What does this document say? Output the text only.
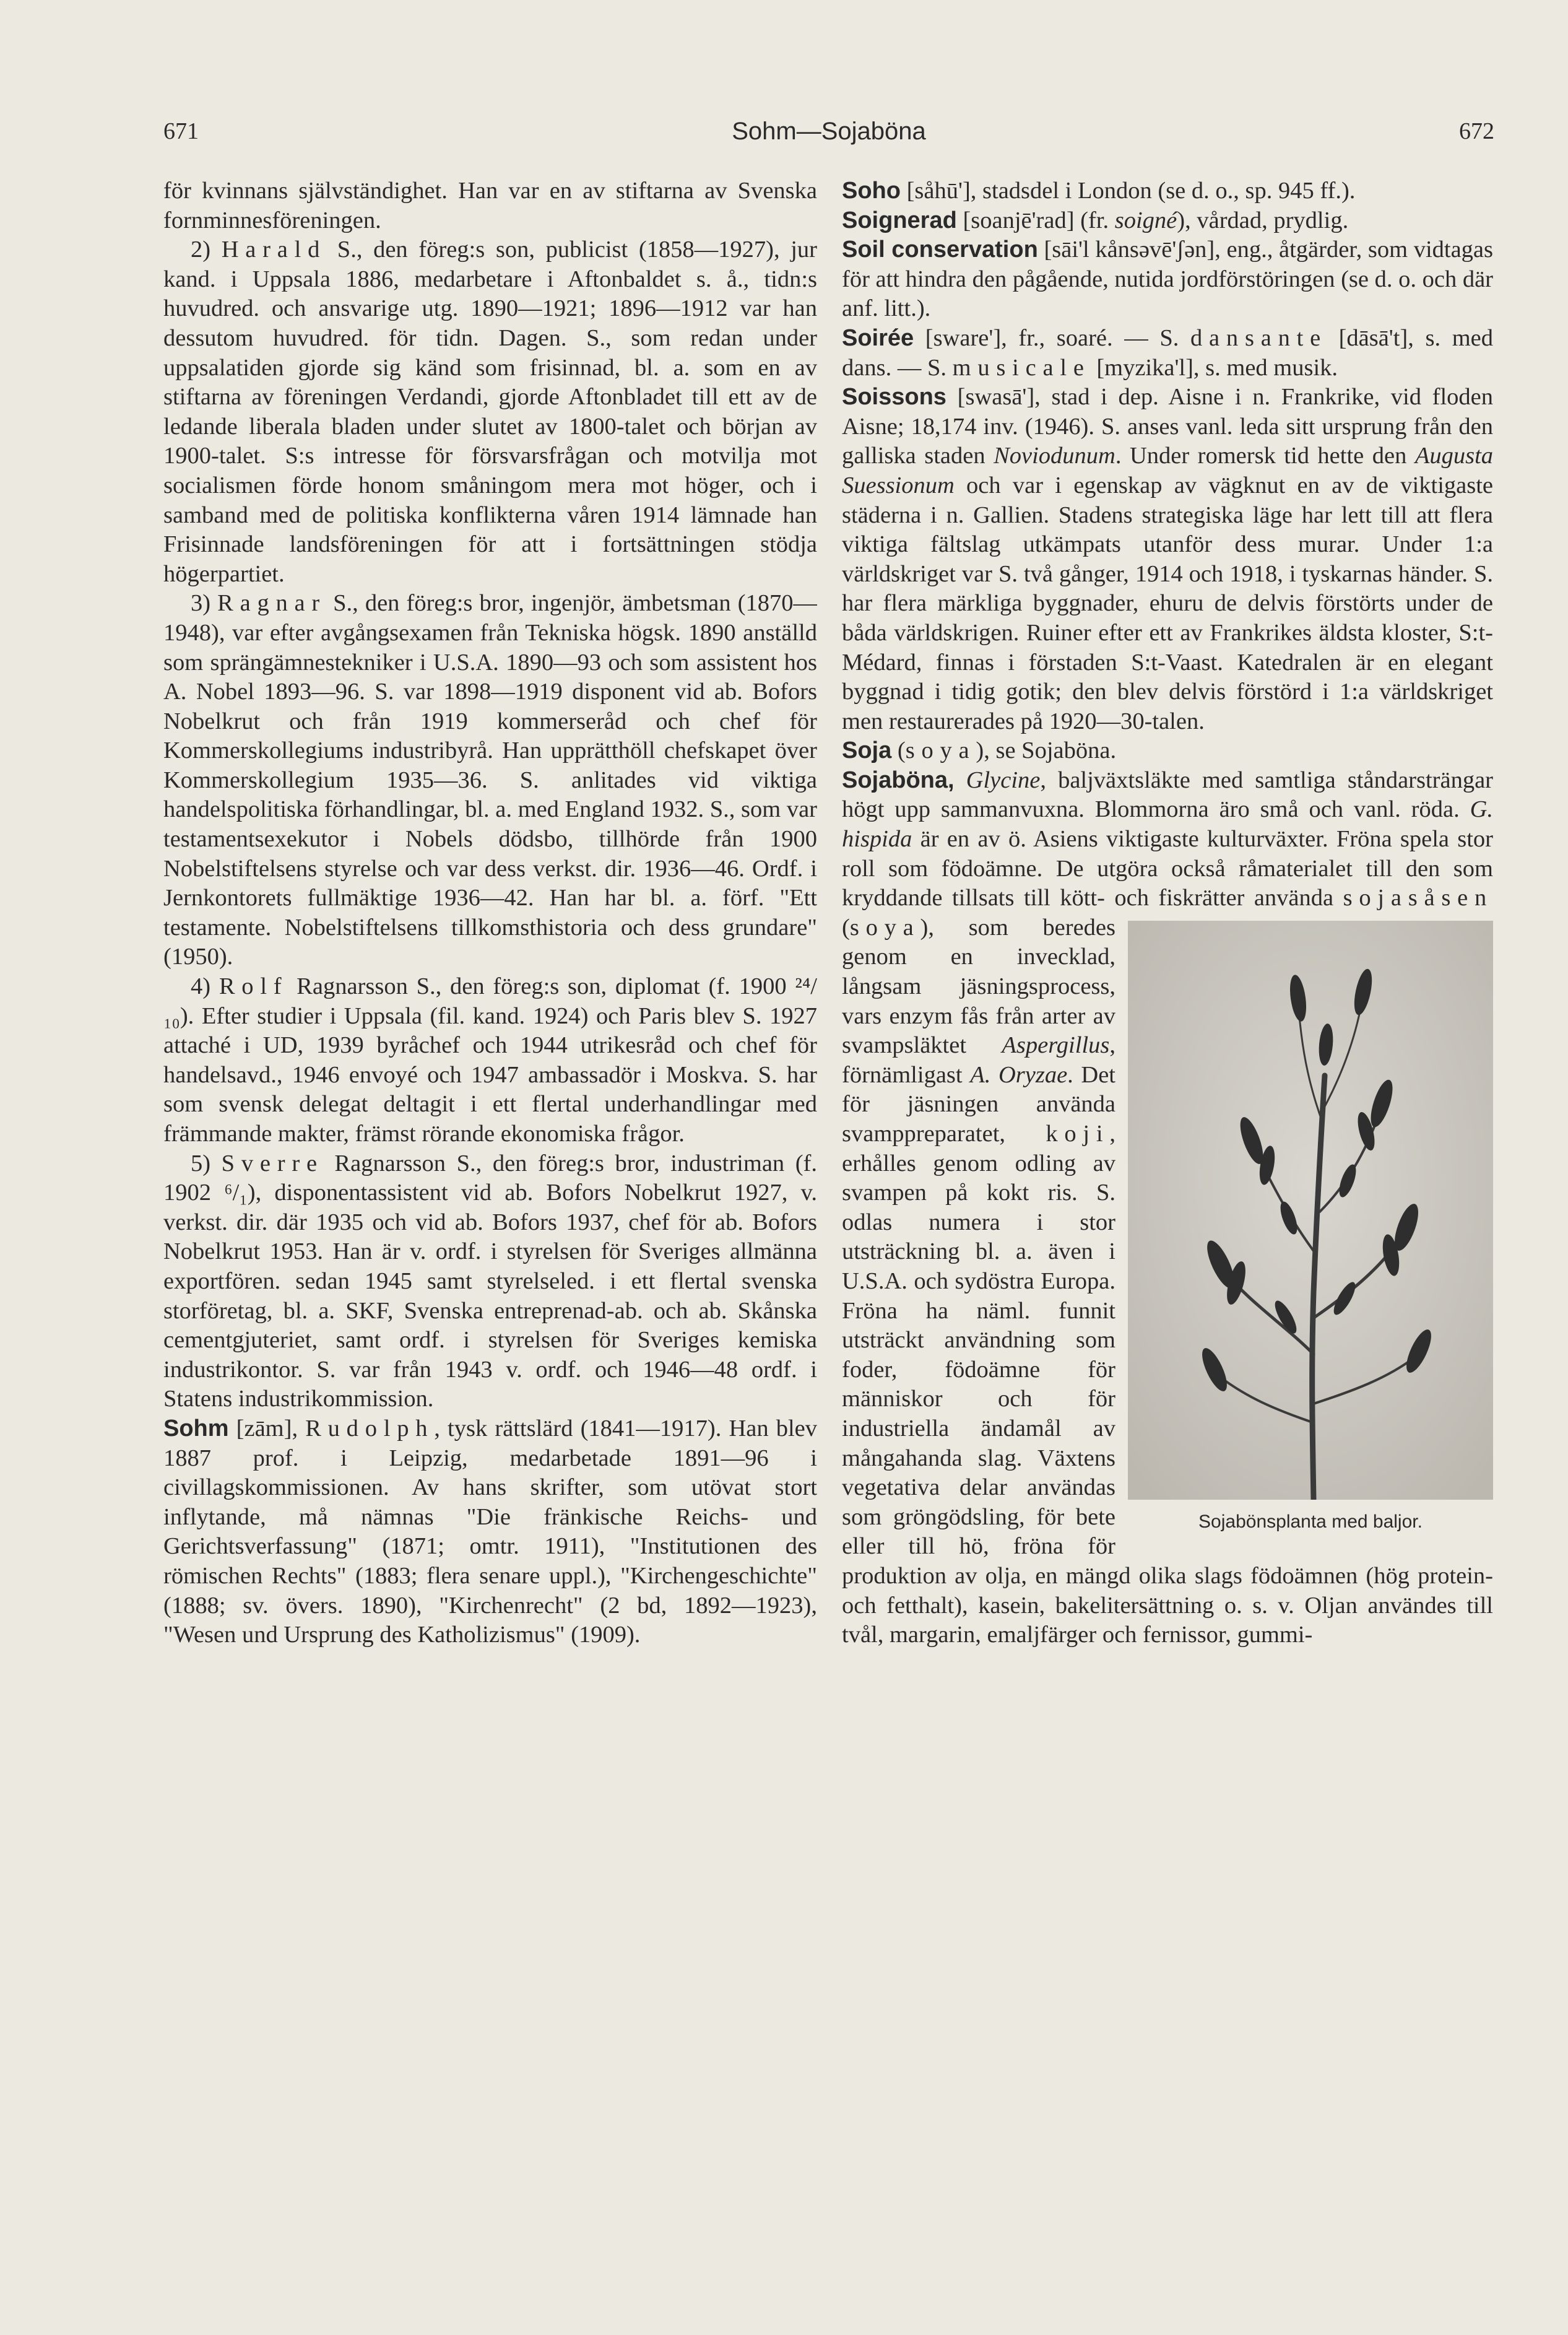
671	Sohm—Sojaböna	672

för kvinnans självständighet. Han var en av stiftarna av Svenska fornminnesföreningen.

2) Harald S., den föreg:s son, publicist (1858—1927), jur kand. i Uppsala 1886, medarbetare i Aftonbaldet s. å., tidn:s huvudred. och ansvarige utg. 1890—1921; 1896—1912 var han dessutom huvudred. för tidn. Dagen. S., som redan under uppsalatiden gjorde sig känd som frisinnad, bl. a. som en av stiftarna av föreningen Verdandi, gjorde Aftonbladet till ett av de ledande liberala bladen under slutet av 1800-talet och början av 1900-talet. S:s intresse för försvarsfrågan och motvilja mot socialismen förde honom småningom mera mot höger, och i samband med de politiska konflikterna våren 1914 lämnade han Frisinnade landsföreningen för att i fortsättningen stödja högerpartiet.

3) Ragnar S., den föreg:s bror, ingenjör, ämbetsman (1870—1948), var efter avgångsexamen från Tekniska högsk. 1890 anställd som sprängämnestekniker i U.S.A. 1890—93 och som assistent hos A. Nobel 1893—96. S. var 1898—1919 disponent vid ab. Bofors Nobelkrut och från 1919 kommerseråd och chef för Kommerskollegiums industribyrå. Han upprätthöll chefskapet över Kommerskollegium 1935—36. S. anlitades vid viktiga handelspolitiska förhandlingar, bl. a. med England 1932. S., som var testamentsexekutor i Nobels dödsbo, tillhörde från 1900 Nobelstiftelsens styrelse och var dess verkst. dir. 1936—46. Ordf. i Jernkontorets fullmäktige 1936—42. Han har bl. a. förf. "Ett testamente. Nobelstiftelsens tillkomsthistoria och dess grundare" (1950).

4) Rolf Ragnarsson S., den föreg:s son, diplomat (f. 1900 ²⁴/₁₀). Efter studier i Uppsala (fil. kand. 1924) och Paris blev S. 1927 attaché i UD, 1939 byråchef och 1944 utrikesråd och chef för handelsavd., 1946 envoyé och 1947 ambassadör i Moskva. S. har som svensk delegat deltagit i ett flertal underhandlingar med främmande makter, främst rörande ekonomiska frågor.

5) Sverre Ragnarsson S., den föreg:s bror, industriman (f. 1902 ⁶/₁), disponentassistent vid ab. Bofors Nobelkrut 1927, v. verkst. dir. där 1935 och vid ab. Bofors 1937, chef för ab. Bofors Nobelkrut 1953. Han är v. ordf. i styrelsen för Sveriges allmänna exportfören. sedan 1945 samt styrelseled. i ett flertal svenska storföretag, bl. a. SKF, Svenska entreprenad-ab. och ab. Skånska cementgjuteriet, samt ordf. i styrelsen för Sveriges kemiska industrikontor. S. var från 1943 v. ordf. och 1946—48 ordf. i Statens industrikommission.

Sohm [zām], Rudolph, tysk rättslärd (1841—1917). Han blev 1887 prof. i Leipzig, medarbetade 1891—96 i civillagskommissionen. Av hans skrifter, som utövat stort inflytande, må nämnas "Die fränkische Reichs- und Gerichtsverfassung" (1871; omtr. 1911), "Institutionen des römischen Rechts" (1883; flera senare uppl.), "Kirchengeschichte" (1888; sv. övers. 1890), "Kirchenrecht" (2 bd, 1892—1923), "Wesen und Ursprung des Katholizismus" (1909).

Soho [såhū'], stadsdel i London (se d. o., sp. 945 ff.).

Soignerad [soanjē'rad] (fr. soigné), vårdad, prydlig.

Soil conservation [sāi'l kånsəvē'ʃən], eng., åtgärder, som vidtagas för att hindra den pågående, nutida jordförstöringen (se d. o. och där anf. litt.).

Soirée [sᴡare'], fr., soaré. — S. dansante [dāsā't], s. med dans. — S. musicale [myzika'l], s. med musik.

Soissons [sᴡasā'], stad i dep. Aisne i n. Frankrike, vid floden Aisne; 18,174 inv. (1946). S. anses vanl. leda sitt ursprung från den galliska staden Noviodunum. Under romersk tid hette den Augusta Suessionum och var i egenskap av vägknut en av de viktigaste städerna i n. Gallien. Stadens strategiska läge har lett till att flera viktiga fältslag utkämpats utanför dess murar. Under 1:a världskriget var S. två gånger, 1914 och 1918, i tyskarnas händer. S. har flera märkliga byggnader, ehuru de delvis förstörts under de båda världskrigen. Ruiner efter ett av Frankrikes äldsta kloster, S:t-Médard, finnas i förstaden S:t-Vaast. Katedralen är en elegant byggnad i tidig gotik; den blev delvis förstörd i 1:a världskriget men restaurerades på 1920—30-talen.

Soja (soya), se Sojaböna.

Sojaböna, Glycine, baljväxtsläkte med samtliga ståndarsträngar högt upp sammanvuxna. Blommorna äro små och vanl. röda. G. hispida är en av ö. Asiens viktigaste kulturväxter. Fröna spela stor roll som födoämne. De utgöra också råmaterialet till den som kryddande tillsats till kött- och fiskrätter använda
Sojabönsplanta med baljor.
sojasåsen (soya), som beredes genom en invecklad, långsam jäsningsprocess, vars enzym fås från arter av svampsläktet Aspergillus, förnämligast A. Oryzae. Det för jäsningen använda svamppreparatet, koji, erhålles genom odling av svampen på kokt ris. S. odlas numera i stor utsträckning bl. a. även i U.S.A. och sydöstra Europa. Fröna ha näml. funnit utsträckt användning som foder, födoämne för människor och för industriella ändamål av mångahanda slag. Växtens vegetativa delar användas som gröngödsling, för bete eller till hö, fröna för produktion av olja, en mängd olika slags födoämnen (hög protein- och fetthalt), kasein, bakelitersättning o. s. v. Oljan användes till tvål, margarin, emaljfärger och fernissor, gummi-
